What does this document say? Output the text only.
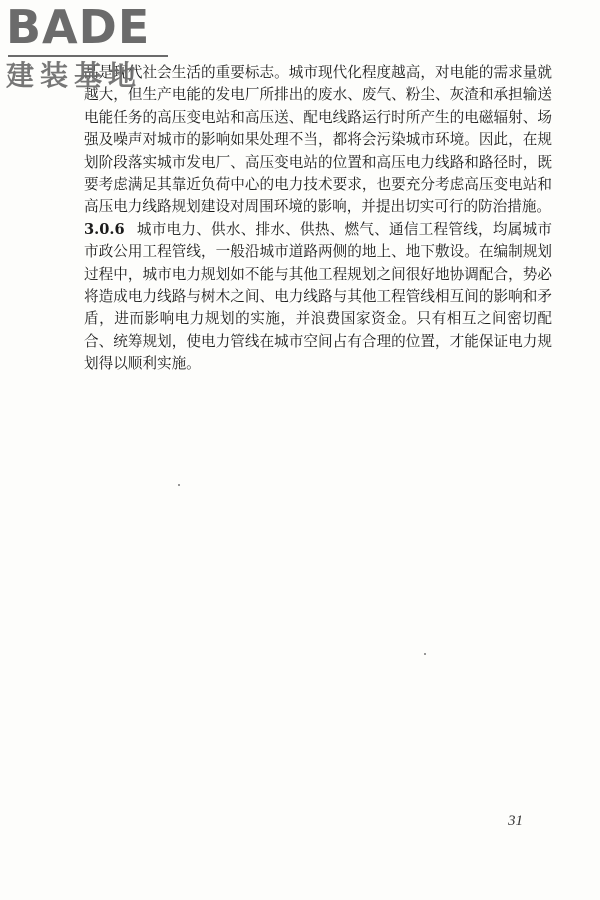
BADE
建装基地

品是现代社会生活的重要标志。城市现代化程度越高，对电能的需求量就越大，但生产电能的发电厂所排出的废水、废气、粉尘、灰渣和承担输送电能任务的高压变电站和高压送、配电线路运行时所产生的电磁辐射、场强及噪声对城市的影响如果处理不当，都将会污染城市环境。因此，在规划阶段落实城市发电厂、高压变电站的位置和高压电力线路和路径时，既要考虑满足其靠近负荷中心的电力技术要求，也要充分考虑高压变电站和高压电力线路规划建设对周围环境的影响，并提出切实可行的防治措施。

3.0.6 城市电力、供水、排水、供热、燃气、通信工程管线，均属城市市政公用工程管线，一般沿城市道路两侧的地上、地下敷设。在编制规划过程中，城市电力规划如不能与其他工程规划之间很好地协调配合，势必将造成电力线路与树木之间、电力线路与其他工程管线相互间的影响和矛盾，进而影响电力规划的实施，并浪费国家资金。只有相互之间密切配合、统筹规划，使电力管线在城市空间占有合理的位置，才能保证电力规划得以顺利实施。

31
